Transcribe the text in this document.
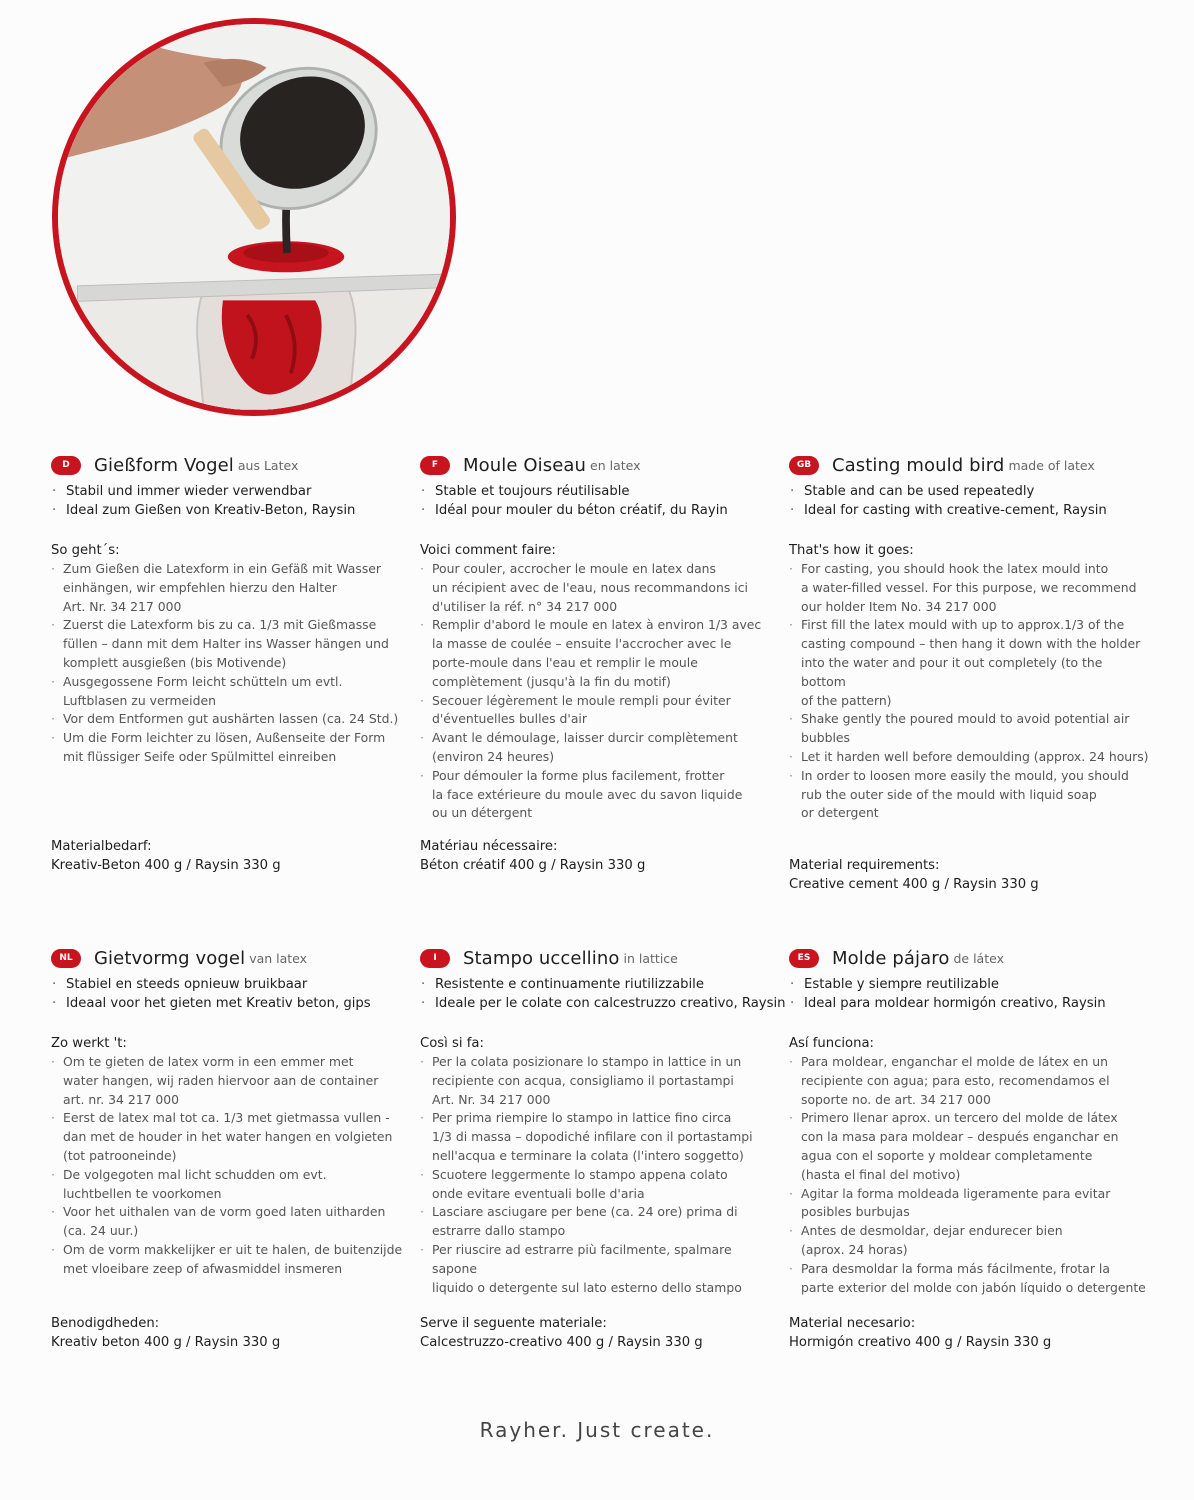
D	Gießform Vogel aus Latex
· Stabil und immer wieder verwendbar
· Ideal zum Gießen von Kreativ-Beton, Raysin
So geht´s:
· Zum Gießen die Latexform in ein Gefäß mit Wasser
einhängen, wir empfehlen hierzu den Halter
Art. Nr. 34 217 000
· Zuerst die Latexform bis zu ca. 1/3 mit Gießmasse
füllen – dann mit dem Halter ins Wasser hängen und
komplett ausgießen (bis Motivende)
· Ausgegossene Form leicht schütteln um evtl.
Luftblasen zu vermeiden
· Vor dem Entformen gut aushärten lassen (ca. 24 Std.)
· Um die Form leichter zu lösen, Außenseite der Form
mit flüssiger Seife oder Spülmittel einreiben
Materialbedarf:
Kreativ-Beton 400 g / Raysin 330 g
F	Moule Oiseau en latex
· Stable et toujours réutilisable
· Idéal pour mouler du béton créatif, du Rayin
Voici comment faire:
· Pour couler, accrocher le moule en latex dans
un récipient avec de l'eau, nous recommandons ici
d'utiliser la réf. n° 34 217 000
· Remplir d'abord le moule en latex à environ 1/3 avec
la masse de coulée – ensuite l'accrocher avec le
porte-moule dans l'eau et remplir le moule
complètement (jusqu'à la fin du motif)
· Secouer légèrement le moule rempli pour éviter
d'éventuelles bulles d'air
· Avant le démoulage, laisser durcir complètement
(environ 24 heures)
· Pour démouler la forme plus facilement, frotter
la face extérieure du moule avec du savon liquide
ou un détergent
Matériau nécessaire:
Béton créatif 400 g / Raysin 330 g
GB	Casting mould bird made of latex
· Stable and can be used repeatedly
· Ideal for casting with creative-cement, Raysin
That's how it goes:
· For casting, you should hook the latex mould into
a water-filled vessel. For this purpose, we recommend
our holder Item No. 34 217 000
· First fill the latex mould with up to approx.1/3 of the
casting compound – then hang it down with the holder
into the water and pour it out completely (to the bottom
of the pattern)
· Shake gently the poured mould to avoid potential air
bubbles
· Let it harden well before demoulding (approx. 24 hours)
· In order to loosen more easily the mould, you should
rub the outer side of the mould with liquid soap
or detergent
Material requirements:
Creative cement 400 g / Raysin 330 g
NL	Gietvormg vogel van latex
· Stabiel en steeds opnieuw bruikbaar
· Ideaal voor het gieten met Kreativ beton, gips
Zo werkt 't:
· Om te gieten de latex vorm in een emmer met
water hangen, wij raden hiervoor aan de container
art. nr. 34 217 000
· Eerst de latex mal tot ca. 1/3 met gietmassa vullen -
dan met de houder in het water hangen en volgieten
(tot patrooneinde)
· De volgegoten mal licht schudden om evt.
luchtbellen te voorkomen
· Voor het uithalen van de vorm goed laten uitharden
(ca. 24 uur.)
· Om de vorm makkelijker er uit te halen, de buitenzijde
met vloeibare zeep of afwasmiddel insmeren
Benodigdheden:
Kreativ beton 400 g / Raysin 330 g
I	Stampo uccellino in lattice
· Resistente e continuamente riutilizzabile
· Ideale per le colate con calcestruzzo creativo, Raysin
Così si fa:
· Per la colata posizionare lo stampo in lattice in un
recipiente con acqua, consigliamo il portastampi
Art. Nr. 34 217 000
· Per prima riempire lo stampo in lattice fino circa
1/3 di massa – dopodiché infilare con il portastampi
nell'acqua e terminare la colata (l'intero soggetto)
· Scuotere leggermente lo stampo appena colato
onde evitare eventuali bolle d'aria
· Lasciare asciugare per bene (ca. 24 ore) prima di
estrarre dallo stampo
· Per riuscire ad estrarre più facilmente, spalmare sapone
liquido o detergente sul lato esterno dello stampo
Serve il seguente materiale:
Calcestruzzo-creativo 400 g / Raysin 330 g
ES	Molde pájaro de látex
· Estable y siempre reutilizable
· Ideal para moldear hormigón creativo, Raysin
Así funciona:
· Para moldear, enganchar el molde de látex en un
recipiente con agua; para esto, recomendamos el
soporte no. de art. 34 217 000
· Primero llenar aprox. un tercero del molde de látex
con la masa para moldear – después enganchar en
agua con el soporte y moldear completamente
(hasta el final del motivo)
· Agitar la forma moldeada ligeramente para evitar
posibles burbujas
· Antes de desmoldar, dejar endurecer bien
(aprox. 24 horas)
· Para desmoldar la forma más fácilmente, frotar la
parte exterior del molde con jabón líquido o detergente
Material necesario:
Hormigón creativo 400 g / Raysin 330 g
Rayher. Just create.
